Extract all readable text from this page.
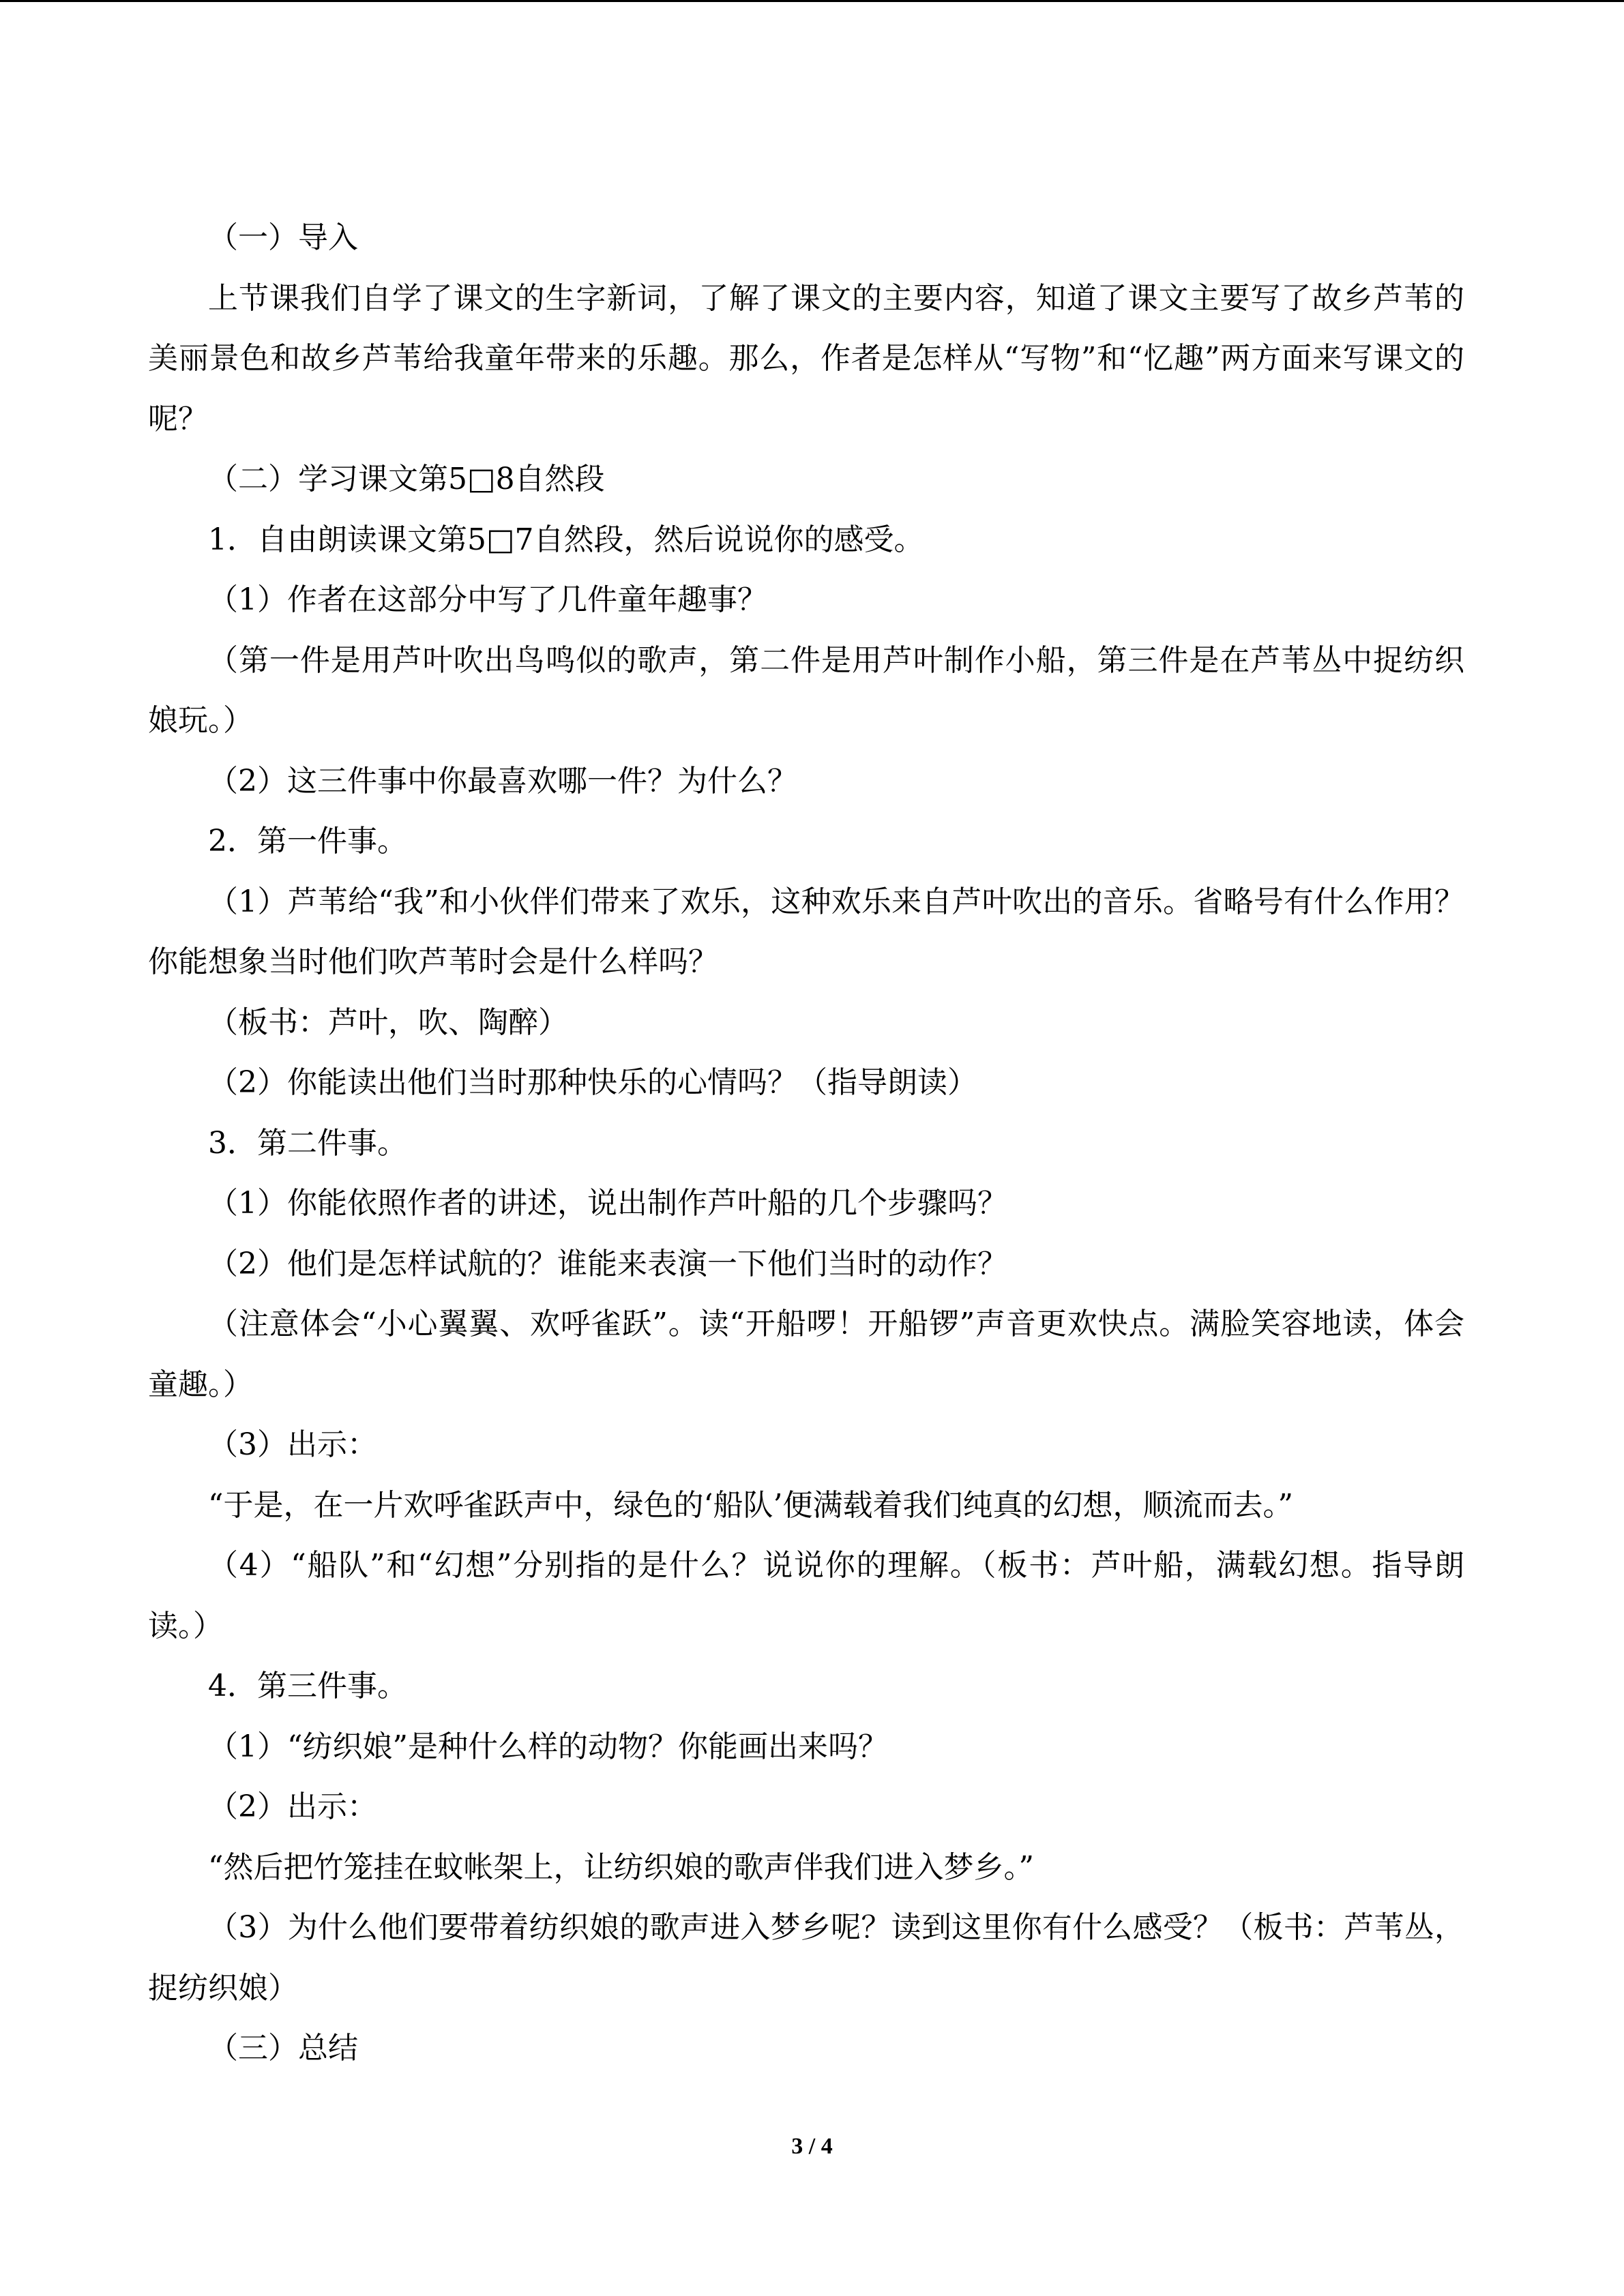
（一）导入

上节课我们自学了课文的生字新词，了解了课文的主要内容，知道了课文主要写了故乡芦苇的美丽景色和故乡芦苇给我童年带来的乐趣。那么，作者是怎样从“写物”和“忆趣”两方面来写课文的呢？

（二）学习课文第5□8自然段

1．自由朗读课文第5□7自然段，然后说说你的感受。

（1）作者在这部分中写了几件童年趣事？

（第一件是用芦叶吹出鸟鸣似的歌声，第二件是用芦叶制作小船，第三件是在芦苇丛中捉纺织娘玩。）

（2）这三件事中你最喜欢哪一件？为什么？

2．第一件事。

（1）芦苇给“我”和小伙伴们带来了欢乐，这种欢乐来自芦叶吹出的音乐。省略号有什么作用？你能想象当时他们吹芦苇时会是什么样吗？

（板书：芦叶，吹、陶醉）

（2）你能读出他们当时那种快乐的心情吗？（指导朗读）

3．第二件事。

（1）你能依照作者的讲述，说出制作芦叶船的几个步骤吗？

（2）他们是怎样试航的？谁能来表演一下他们当时的动作？

（注意体会“小心翼翼、欢呼雀跃”。读“开船啰！开船锣”声音更欢快点。满脸笑容地读，体会童趣。）

（3）出示：

“于是，在一片欢呼雀跃声中，绿色的‘船队’便满载着我们纯真的幻想，顺流而去。”

（4）“船队”和“幻想”分别指的是什么？说说你的理解。（板书：芦叶船，满载幻想。指导朗读。）

4．第三件事。

（1）“纺织娘”是种什么样的动物？你能画出来吗？

（2）出示：

“然后把竹笼挂在蚊帐架上，让纺织娘的歌声伴我们进入梦乡。”

（3）为什么他们要带着纺织娘的歌声进入梦乡呢？读到这里你有什么感受？（板书：芦苇丛，捉纺织娘）

（三）总结

3 / 4
